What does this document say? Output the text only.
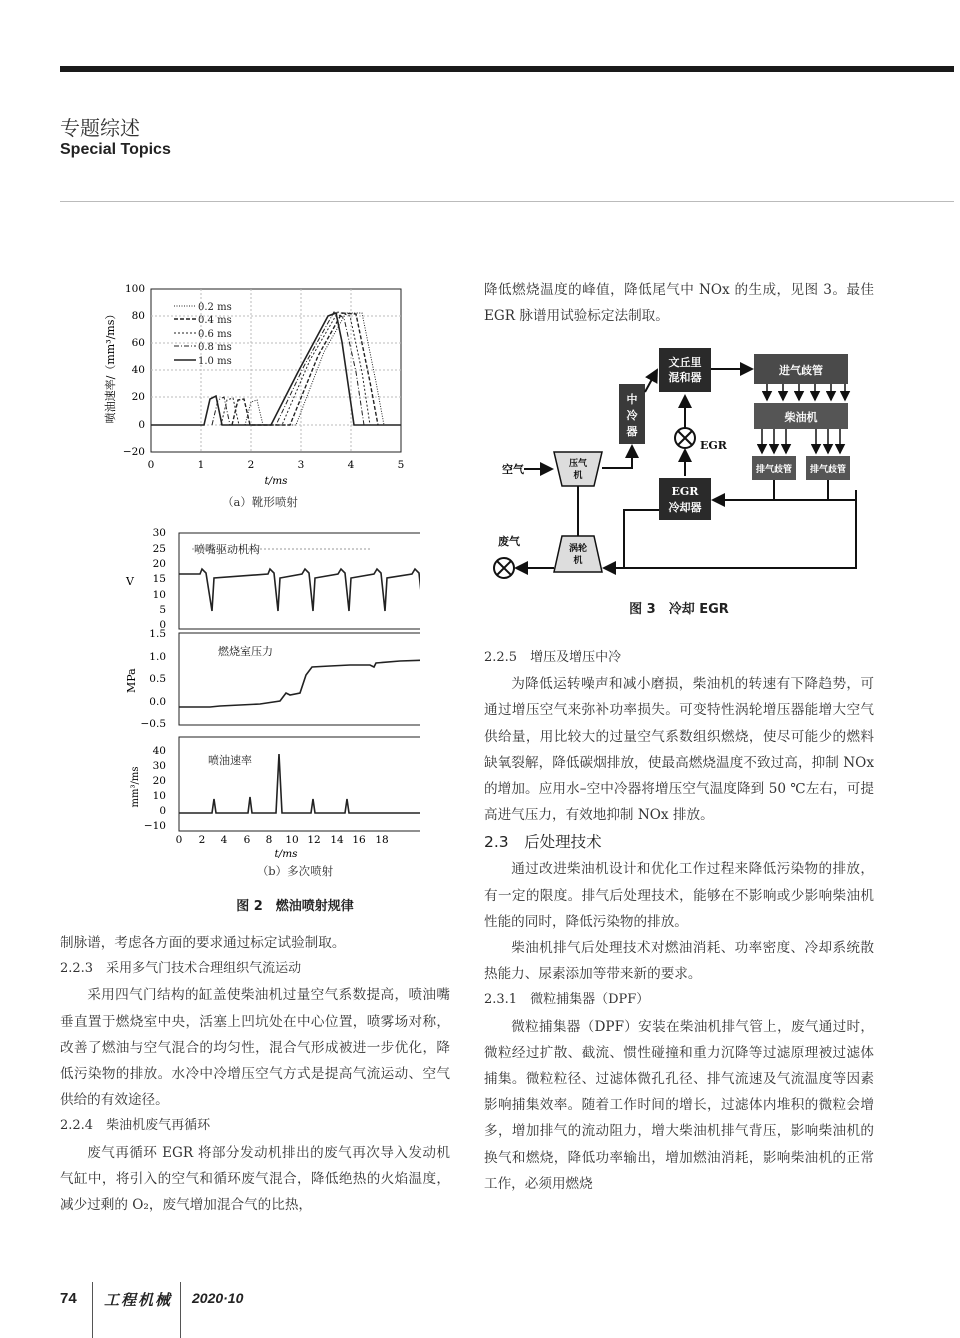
专题综述
Special Topics
喷油速率/（mm³/ms）
100
80
60
40
20
0
−20
0	1	2	3	4	5
t/ms
0.2 ms
0.4 ms
0.6 ms
0.8 ms
1.0 ms
（a）靴形喷射
V
30
25
20
15
10
5
0
喷嘴驱动机构
MPa
1.5
1.0
0.5
0.0
−0.5
燃烧室压力
mm³/ms
40
30
20
10
0
−10
喷油速率
0 2 4 6 8 10 12 14 16 18
t/ms
（b）多次喷射
图 2　燃油喷射规律

制脉谱，考虑各方面的要求通过标定试验制取。

2.2.3　采用多气门技术合理组织气流运动

采用四气门结构的缸盖使柴油机过量空气系数提高，喷油嘴垂直置于燃烧室中央，活塞上凹坑处在中心位置，喷雾场对称，改善了燃油与空气混合的均匀性，混合气形成被进一步优化，降低污染物的排放。水冷中冷增压空气方式是提高气流运动、空气供给的有效途径。

2.2.4　柴油机废气再循环

废气再循环 EGR 将部分发动机排出的废气再次导入发动机气缸中，将引入的空气和循环废气混合，降低绝热的火焰温度，减少过剩的 O₂，废气增加混合气的比热，

降低燃烧温度的峰值，降低尾气中 NOx 的生成，见图 3。最佳 EGR 脉谱用试验标定法制取。

文丘里
混和器
进气歧管
柴油机
排气歧管 排气歧管
中
冷
器
EGR
EGR
冷却器
压气
机
空气
涡轮
机
废气
图 3　冷却 EGR

2.2.5　增压及增压中冷

为降低运转噪声和减小磨损，柴油机的转速有下降趋势，可通过增压空气来弥补功率损失。可变特性涡轮增压器能增大空气供给量，用比较大的过量空气系数组织燃烧，使尽可能少的燃料缺氧裂解，降低碳烟排放，使最高燃烧温度不致过高，抑制 NOx 的增加。应用水–空中冷器将增压空气温度降到 50 ℃左右，可提高进气压力，有效地抑制 NOx 排放。

2.3　后处理技术

通过改进柴油机设计和优化工作过程来降低污染物的排放，有一定的限度。排气后处理技术，能够在不影响或少影响柴油机性能的同时，降低污染物的排放。

柴油机排气后处理技术对燃油消耗、功率密度、冷却系统散热能力、尿素添加等带来新的要求。

2.3.1　微粒捕集器（DPF）

微粒捕集器（DPF）安装在柴油机排气管上，废气通过时，微粒经过扩散、截流、惯性碰撞和重力沉降等过滤原理被过滤体捕集。微粒粒径、过滤体微孔孔径、排气流速及气流温度等因素影响捕集效率。随着工作时间的增长，过滤体内堆积的微粒会增多，增加排气的流动阻力，增大柴油机排气背压，影响柴油机的换气和燃烧，降低功率输出，增加燃油消耗，影响柴油机的正常工作，必须用燃烧

74 工程机械 2020·10
